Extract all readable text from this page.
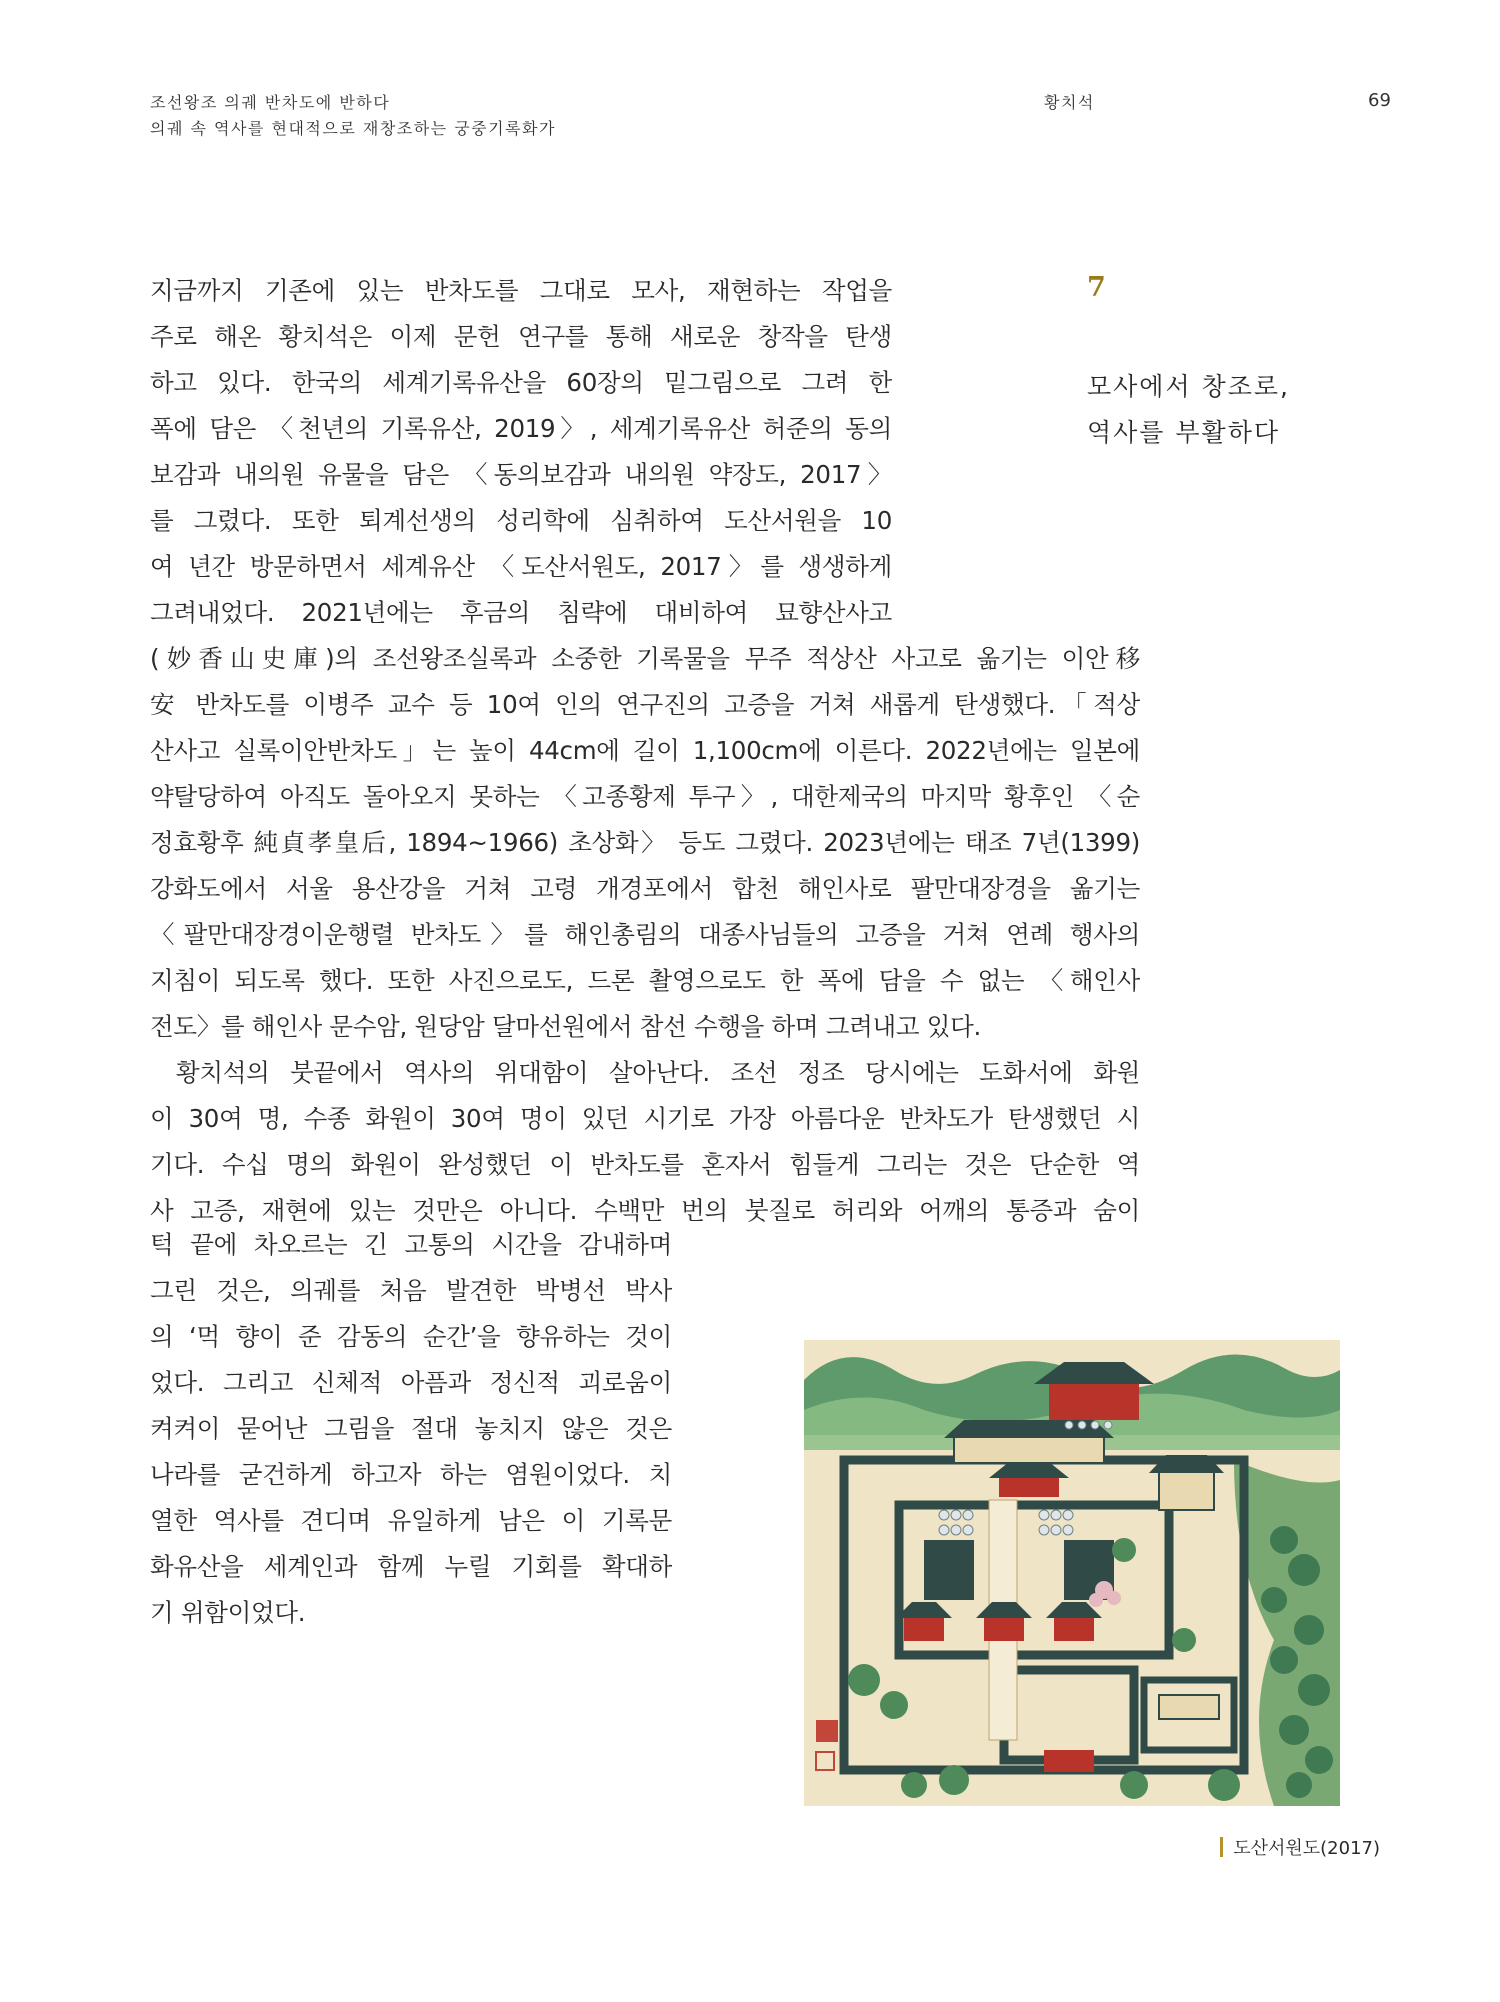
조선왕조 의궤 반차도에 반하다
의궤 속 역사를 현대적으로 재창조하는 궁중기록화가
황치석	69
7
모사에서 창조로,
역사를 부활하다
지금까지 기존에 있는 반차도를 그대로 모사, 재현하는 작업을
주로 해온 황치석은 이제 문헌 연구를 통해 새로운 창작을 탄생
하고 있다. 한국의 세계기록유산을 60장의 밑그림으로 그려 한
폭에 담은 〈천년의 기록유산, 2019〉, 세계기록유산 허준의 동의
보감과 내의원 유물을 담은 〈동의보감과 내의원 약장도, 2017〉
를 그렸다. 또한 퇴계선생의 성리학에 심취하여 도산서원을 10
여 년간 방문하면서 세계유산 〈도산서원도, 2017〉를 생생하게
그려내었다. 2021년에는 후금의 침략에 대비하여 묘향산사고
(妙香山史庫)의 조선왕조실록과 소중한 기록물을 무주 적상산 사고로 옮기는 이안移
安 반차도를 이병주 교수 등 10여 인의 연구진의 고증을 거쳐 새롭게 탄생했다.「적상
산사고 실록이안반차도」는 높이 44cm에 길이 1,100cm에 이른다. 2022년에는 일본에
약탈당하여 아직도 돌아오지 못하는 〈고종황제 투구〉, 대한제국의 마지막 황후인 〈순
정효황후 純貞孝皇后, 1894~1966) 초상화〉 등도 그렸다. 2023년에는 태조 7년(1399)
강화도에서 서울 용산강을 거쳐 고령 개경포에서 합천 해인사로 팔만대장경을 옮기는
〈팔만대장경이운행렬 반차도〉를 해인총림의 대종사님들의 고증을 거쳐 연례 행사의
지침이 되도록 했다. 또한 사진으로도, 드론 촬영으로도 한 폭에 담을 수 없는 〈해인사
전도〉를 해인사 문수암, 원당암 달마선원에서 참선 수행을 하며 그려내고 있다.
황치석의 붓끝에서 역사의 위대함이 살아난다. 조선 정조 당시에는 도화서에 화원
이 30여 명, 수종 화원이 30여 명이 있던 시기로 가장 아름다운 반차도가 탄생했던 시
기다. 수십 명의 화원이 완성했던 이 반차도를 혼자서 힘들게 그리는 것은 단순한 역
사 고증, 재현에 있는 것만은 아니다. 수백만 번의 붓질로 허리와 어깨의 통증과 숨이
턱 끝에 차오르는 긴 고통의 시간을 감내하며
그린 것은, 의궤를 처음 발견한 박병선 박사
의 ‘먹 향이 준 감동의 순간’을 향유하는 것이
었다. 그리고 신체적 아픔과 정신적 괴로움이
켜켜이 묻어난 그림을 절대 놓치지 않은 것은
나라를 굳건하게 하고자 하는 염원이었다. 치
열한 역사를 견디며 유일하게 남은 이 기록문
화유산을 세계인과 함께 누릴 기회를 확대하
기 위함이었다.
도산서원도(2017)
